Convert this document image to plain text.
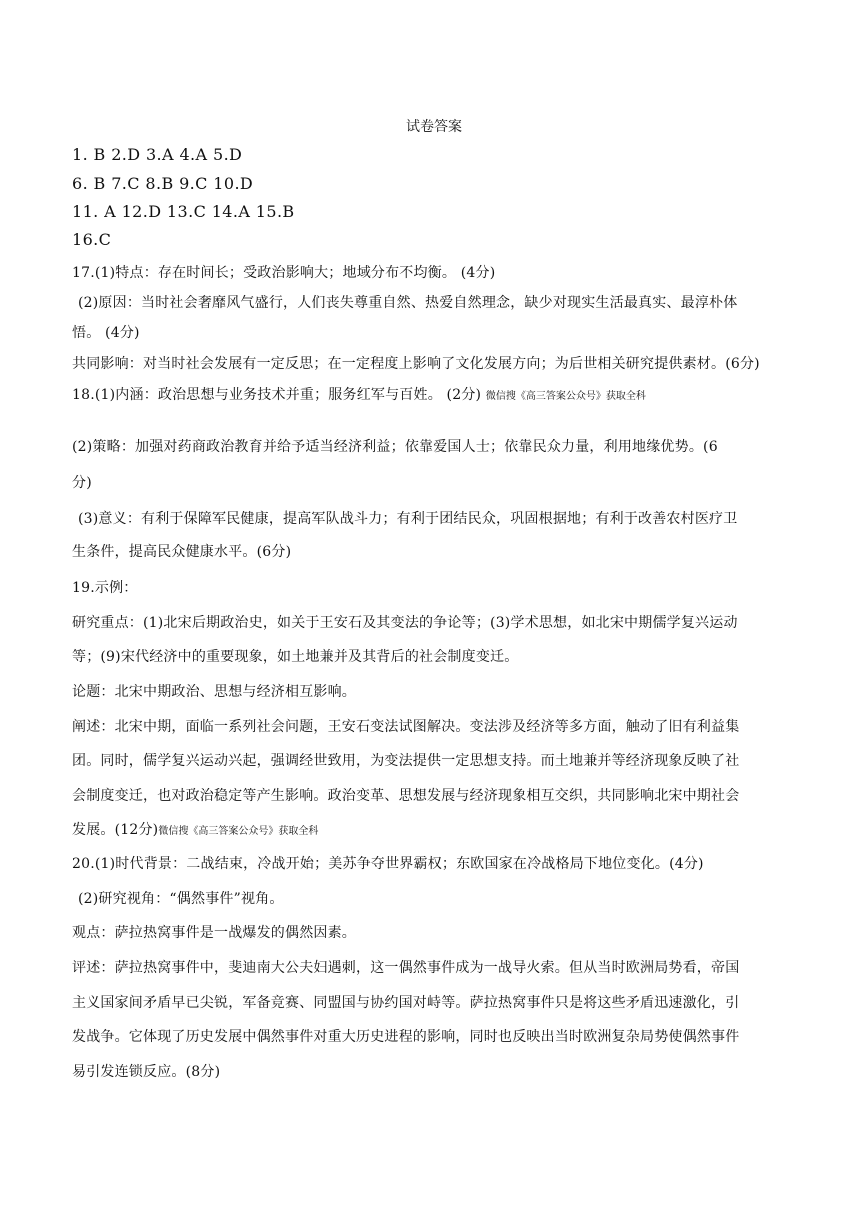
试卷答案
1. B 2.D 3.A 4.A 5.D
6. B 7.C 8.B 9.C 10.D
11. A 12.D 13.C 14.A 15.B
16.C
17.(1)特点：存在时间长；受政治影响大；地域分布不均衡。 (4分)
(2)原因：当时社会奢靡风气盛行，人们丧失尊重自然、热爱自然理念，缺少对现实生活最真实、最淳朴体
悟。 (4分)
共同影响：对当时社会发展有一定反思；在一定程度上影响了文化发展方向；为后世相关研究提供素材。(6分)
18.(1)内涵：政治思想与业务技术并重；服务红军与百姓。 (2分) 微信搜《高三答案公众号》获取全科
(2)策略：加强对药商政治教育并给予适当经济利益；依靠爱国人士；依靠民众力量，利用地缘优势。(6
分)
(3)意义：有利于保障军民健康，提高军队战斗力；有利于团结民众，巩固根据地；有利于改善农村医疗卫
生条件，提高民众健康水平。(6分)
19.示例：
研究重点：(1)北宋后期政治史，如关于王安石及其变法的争论等；(3)学术思想，如北宋中期儒学复兴运动
等；(9)宋代经济中的重要现象，如土地兼并及其背后的社会制度变迁。
论题：北宋中期政治、思想与经济相互影响。
阐述：北宋中期，面临一系列社会问题，王安石变法试图解决。变法涉及经济等多方面，触动了旧有利益集
团。同时，儒学复兴运动兴起，强调经世致用，为变法提供一定思想支持。而土地兼并等经济现象反映了社
会制度变迁，也对政治稳定等产生影响。政治变革、思想发展与经济现象相互交织，共同影响北宋中期社会
发展。(12分)微信搜《高三答案公众号》获取全科
20.(1)时代背景：二战结束，冷战开始；美苏争夺世界霸权；东欧国家在冷战格局下地位变化。(4分)
(2)研究视角：“偶然事件”视角。
观点：萨拉热窝事件是一战爆发的偶然因素。
评述：萨拉热窝事件中，斐迪南大公夫妇遇刺，这一偶然事件成为一战导火索。但从当时欧洲局势看，帝国
主义国家间矛盾早已尖锐，军备竞赛、同盟国与协约国对峙等。萨拉热窝事件只是将这些矛盾迅速激化，引
发战争。它体现了历史发展中偶然事件对重大历史进程的影响，同时也反映出当时欧洲复杂局势使偶然事件
易引发连锁反应。(8分)
